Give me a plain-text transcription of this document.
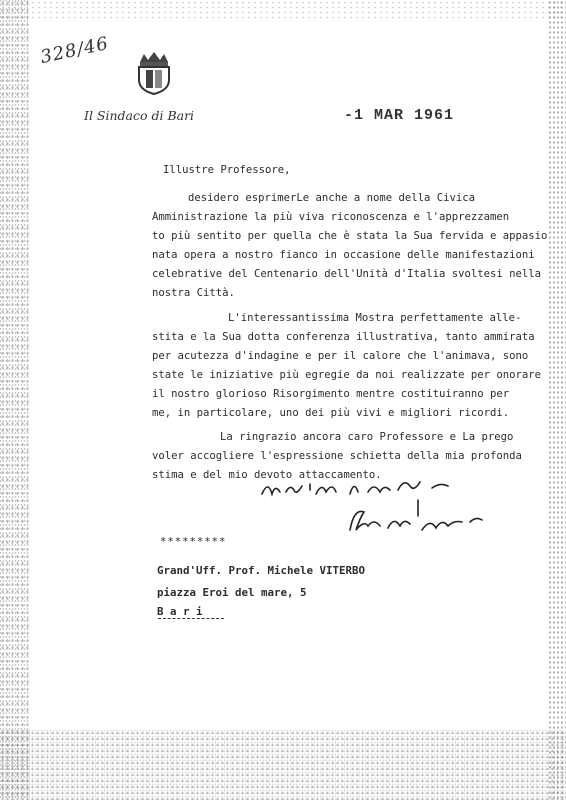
328/46
Il Sindaco di Bari	-1 MAR 1961
Illustre Professore,
desidero esprimerLe anche a nome della Civica
Amministrazione la più viva riconoscenza e l'apprezzamen
to più sentito per quella che è stata la Sua fervida e appasio
nata opera a nostro fianco in occasione delle manifestazioni
celebrative del Centenario dell'Unità d'Italia svoltesi nella
nostra Città.
L'interessantissima Mostra perfettamente alle-
stita e la Sua dotta conferenza illustrativa, tanto ammirata
per acutezza d'indagine e per il calore che l'animava, sono
state le iniziative più egregie da noi realizzate per onorare
il nostro glorioso Risorgimento mentre costituiranno per
me, in particolare, uno dei più vivi e migliori ricordi.
La ringrazio ancora caro Professore e La prego
voler accogliere l'espressione schietta della mia profonda
stima e del mio devoto attaccamento.
*********
Grand'Uff. Prof. Michele VITERBO
piazza Eroi del mare, 5
B a r i
